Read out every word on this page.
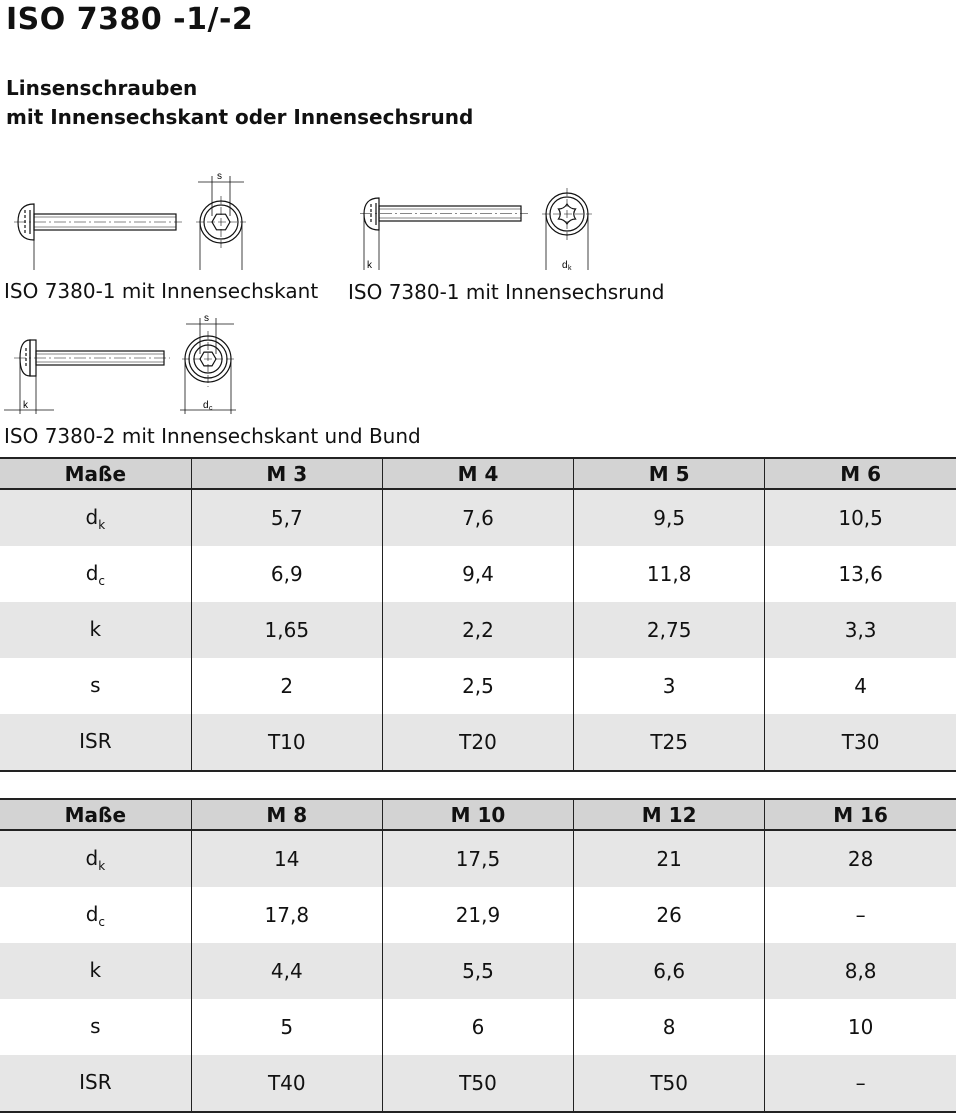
ISO 7380 -1/-2
Linsenschrauben
mit Innensechskant oder Innensechsrund
s
ISO 7380-1 mit Innensechskant
k	d k
ISO 7380-1 mit Innensechsrund
s
k	d c
ISO 7380-2 mit Innensechskant und Bund
Maße	M 3	M 4	M 5	M 6
$d_k$	5,7	7,6	9,5	10,5
$d_c$	6,9	9,4	11,8	13,6
k	1,65	2,2	2,75	3,3
s	2	2,5	3	4
ISR	T10	T20	T25	T30
Maße	M 8	M 10	M 12	M 16
$d_k$	14	17,5	21	28
$d_c$	17,8	21,9	26	–
k	4,4	5,5	6,6	8,8
s	5	6	8	10
ISR	T40	T50	T50	–
